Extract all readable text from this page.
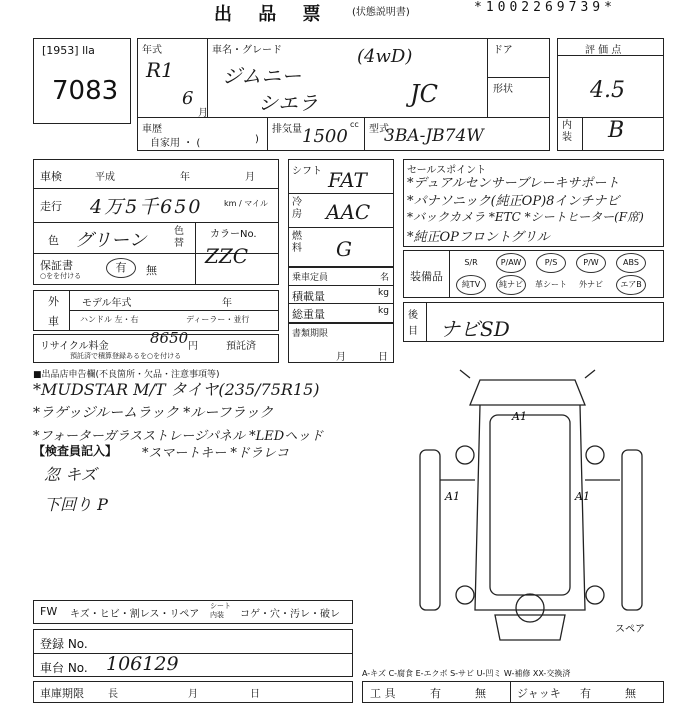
出 品 票 (状態説明書)	*1002269739*
[1953] lla
7083
年式
R1
6
月
車名・グレード
ジムニー
(4wD)
シエラ	JC
ドア
形状
車歴
自家用 ・ (	)
排気量 1500
cc 型式
3BA-JB74W
評 価 点
4.5
内 装 B
車検	平成	年	月
走行 4万5千650	km / マイル
色 グリーン	色替
カラーNo.
ZZC
保証書
○をを付ける
有	無
シフト FAT
冷房 AAC
燃料 G
乗車定員	名
積載量	kg
総重量	kg
書類期限
月	日
外
車
モデル年式	年
ハンドル 左・右	ディーラー・並行
リサイクル料金	8650 円	預託済
預託済で積算登録あるを○を付ける
セールスポイント
*デュアルセンサーブレーキサポート
*パナソニック(純正OP)8インチナビ
*バックカメラ *ETC *シートヒーター(F席)
*純正OPフロントグリル
装備品
S/R	P/AW	P/S	P/W	ABS
純TV	純ナビ	革シート	外ナビ	エアB
後
目 ナビSD
■出品店申告欄(不良箇所・欠品・注意事項等)
*MUDSTAR M/T タイヤ(235/75R15)
*ラゲッジルームラック *ルーフラック
*フォーターガラスストレージパネル *LEDヘッド
【検査員記入】 *スマートキー *ドラレコ
忽 キズ
下回り P
A1
A1	A1
スペア
FW キズ・ヒビ・割レス・リペア
シート内装	コゲ・穴・汚レ・破レ
登録 No.
車台 No. 106129
車庫期限 長	月	日
A-キズ C-腐食 E-エクボ S-サビ U-凹ミ W-補修 XX-交換済
工 具	有	無	ジャッキ 有	無
